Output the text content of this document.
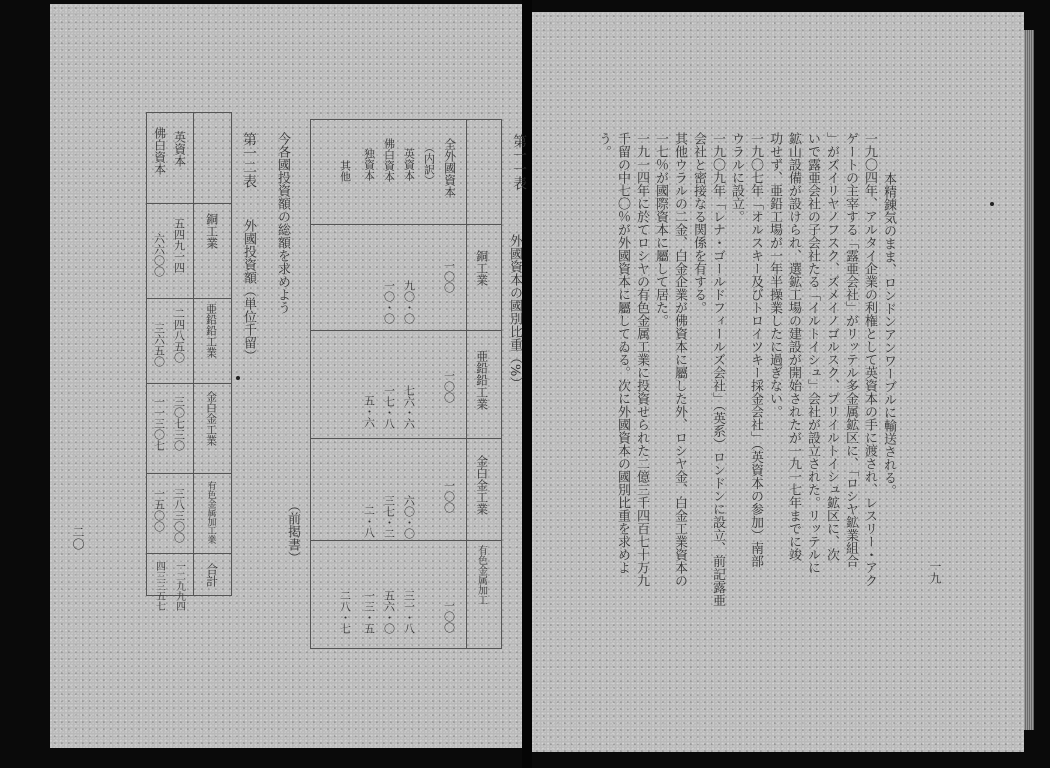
第一一表
外國資本の國別比重（%）
銅工業
亜鉛鉛工業
金白金工業
有色金属加工
全外國資本
（内訳）
英資本
佛白資本
独資本
其他
一〇〇
九〇・〇
一〇・〇
一〇〇
七六・六
一七・八
五・六
一〇〇
六〇・〇
三七・二
二・八
一〇〇
三一・八
五六・〇
一三・五
二八・七
（前掲書）
今各國投資額の総額を求めよう
第一二表
外國投資額（単位千留）
銅工業
亜鉛鉛工業
金白金工業
有色金属加工業
合計
英資本
佛白資本
五四九一四
六六〇〇
二四八五〇
三六五〇
三〇七三〇
一一三〇七
三八三〇〇
一五〇〇
一二九九四
四三三五七
二〇
本精錬気のまま、ロンドンアンワーブルに輸送される。
一九〇四年、アルタイ企業の利権として英資本の手に渡され、レスリー・アク
ゲートの主宰する「露亜会社」がリッテル多金属鉱区に、「ロシヤ鉱業組合
」がズイリヤノフスク、ズメイノゴルスク、プリイルトイシュ鉱区に、次
いで露亜会社の子会社たる「イルトイシュ」会社が設立された。リッテルに
鉱山設備が設けられ、選鉱工場の建設が開始されたが一九一七年までに竣
功せず、亜鉛工場が一年半操業したに過ぎない。
一九〇七年「オルスキー及びトロイツキー採金会社」（英資本の参加）南部
ウラルに設立。
一九〇九年「レナ・ゴールドフィールズ会社」（英系）ロンドンに設立、前記露亜
会社と密接なる関係を有する。
其他ウラルの二金、白金企業が佛資本に屬した外、ロシヤ金、白金工業資本の
一七％が國際資本に屬して居た。
一九一四年に於てロシヤの有色金属工業に投資せられた二億三千四百七十万九
千留の中七〇％が外國資本に屬してゐる。次に外國資本の國別比重を求めよ
う。
一九
